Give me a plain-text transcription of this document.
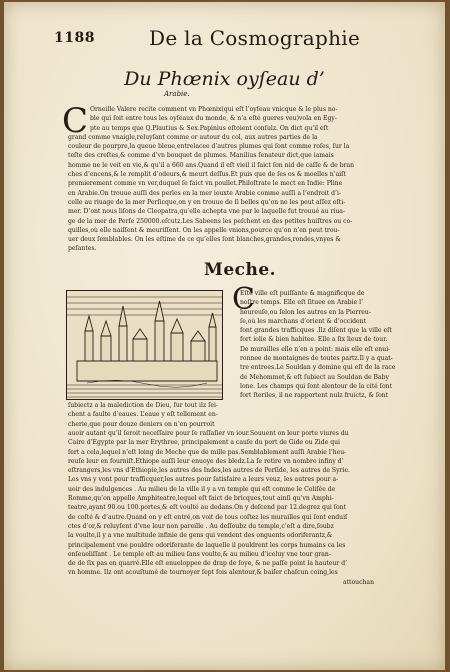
1188	De la Cosmographie
Du Phœnix oyſeau d’
Arabie.
C Orneille Valere recite comment vn Phœnix(qui eſt l’oyſeau vnicque & le plus no-
ble qui ſoit entre tous les oyſeaux du monde, & n’a eſté gueres veu)vola en Egy-
pte au temps que Q.Plautius & Sex.Papinius eſtoient conſulz. On dict qu’il eſt
grand comme vnaigle,reluyſant comme or autour du col, aux autres parties de la
couleur de pourpre,la queue bleue,entrelacee d’autres plumes qui ſont comme roſes, ſur la
teſte des creſtes,& comme d’vn bouquet de plumes. Manilius ſenateur dict,que iamais
homme ne le veit en vie,& qu’il a 660 ans.Quand il eſt vieil il faict ſon nid de caſſe & de bran
ches d’encens,& le remplit d’odeurs,& meurt deſſus.Et puis que de ſes os & moelles n’aiſt
premierement comme vn ver,duquel ſe faict vn poullet.Philoſtrate le mect en Indie: Pline
en Arabie.On trouue auſſi des perles en la mer iouxte Arabie comme auſſi a l’endroit d’i-
celle au riuage de la mer Perſicque,on y en trouue de ſi belles qu’on ne les peut aſſez eſti-
mer. D’ont nous liſons de Cleopatra,qu’elle achepta vne par le laquelle fut trouué au riua-
ge de la mer de Perſe 250000.eſcutz.Les Sabeens les peſchent en des petites huiſtres ou co-
quilles,où elle naiſſent & meuriſſent. On les appelle vnions,pource qu’on n’en peut trou-
uer deux ſemblables. On les eſtime de ce qu’elles ſont blanches,grandes,rondes,vnyes &
peſantes.
Meche.
C
Eſte ville eſt puiſſante & magnificque de
noſtre temps. Elle eſt ſituee en Arabie l’
heureuſe,ou ſelon les autres en la Pierreu-
ſe,où les marchans d’orient & d’occident
font grandes trafficques .Ilz diſent que la ville eſt
fort iolie & bien habitee. Elle a ſix lieux de tour.
De murailles elle n’en a point: mais elle eſt enui-
ronnee de montaignes de toutes partz.Il y a quat-
tre entrees.Le Souldan y domine qui eſt de la race
de Mehommet,& eſt ſubiect au Souldan de Baby
lone. Les champs qui ſont alentour de la cité ſont
fort ſteriles, il ne rapportent nulz fruictz, & ſont
ſubiectz a la malediction de Dieu, fur tout ilz ſei-
chent a faulte d’eaues. L’eaue y eſt tellement en-
cherie,que pour douze deniers on n’en pourroit
auoir autant qu’il ſeroit neceſſaire pour ſe raſſaſier vn iour.Souuent on leur porte viures du
Caire d’Egypte par la mer Erythree, principalement a cauſe du port de Gide ou Zide qui
ſert a cela,lequel n’eſt loing de Meche que de mille pas.Semblablement auſſi Arabie l’heu-
reuſe leur en fourniſt.Ethiope auſſi leur enuoye des bledz.La ſe retire vn nombre infiny d’
eſtrangers,les vns d’Ethiopie,les autres des Indes,les autres de Perſide, les autres de Syrie.
Les vns y vont pour trafficquer,les autres pour ſatisfaire a leurs veuz, les autres pour a-
uoir des indulgences . Au milieu de la ville il y a vn temple qui eſt comme le Coliſée de
Romme,qu’on appelle Amphiteatre,lequel eſt faict de bricques,tout ainſi qu’vn Amphi-
teatre,ayant 90.ou 100.portes,& eſt voulté au dedans.On y deſcend par 12.degrez qui ſont
de coſté & d’autre.Quand on y eſt entré,on voit de tous coſtez les murailles qui ſont enduiſ
ctes d’or,& reluyſent d’vne leur non pareille . Au deſſoubz du temple,c’eſt a dire,ſoubz
la voulte,il y a vne multitude infinie de gens qui vendent des onguents odoriferantz,&
principalement vne pouldre odoriferante de laquelle il pouldrent les corps humains ca les
enſeueliſſant . Le temple eſt au milieu ſans voulte,& au milieu d’iceluy vne tour gran-
de de ſix pas en quarré.Elle eſt enueloppee de drap de ſoye, & ne paſſe point la hauteur d’
vn homme. Ilz ont acouſtumé de tournoyer ſept fois alentour,& baiſer chaſcun coing,les
attouchan
